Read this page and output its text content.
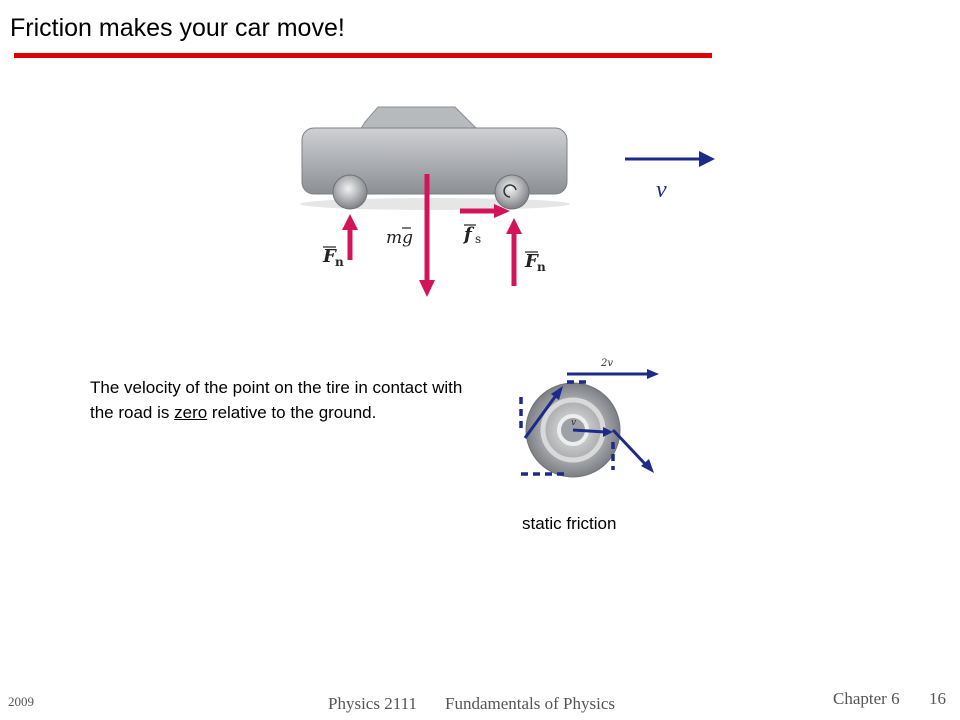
Friction makes your car move!
mg	f s
F n	F n
v

The velocity of the point on the tire in contact with the road is zero relative to the ground.

2v
v
static friction
2009	Physics 2111 Fundamentals of Physics	Chapter 6 16
